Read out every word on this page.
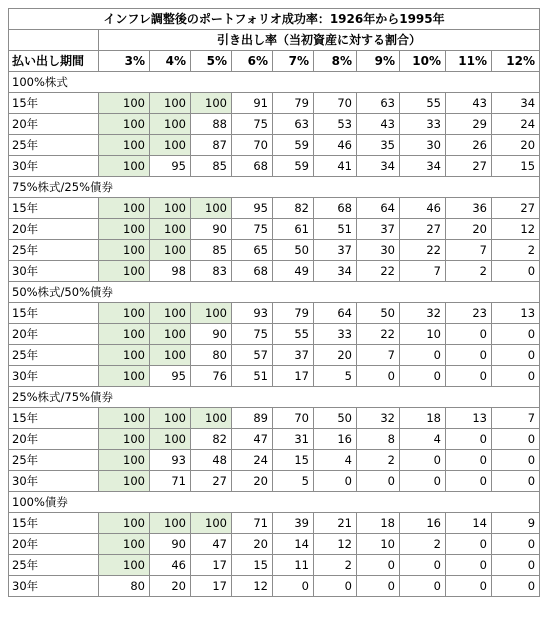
インフレ調整後のポートフォリオ成功率：1926年から1995年										
	引き出し率（当初資産に対する割合）									
払い出し期間	3%	4%	5%	6%	7%	8%	9%	10%	11%	12%
100%株式										
15年	100	100	100	91	79	70	63	55	43	34
20年	100	100	88	75	63	53	43	33	29	24
25年	100	100	87	70	59	46	35	30	26	20
30年	100	95	85	68	59	41	34	34	27	15
75%株式/25%債券										
15年	100	100	100	95	82	68	64	46	36	27
20年	100	100	90	75	61	51	37	27	20	12
25年	100	100	85	65	50	37	30	22	7	2
30年	100	98	83	68	49	34	22	7	2	0
50%株式/50%債券										
15年	100	100	100	93	79	64	50	32	23	13
20年	100	100	90	75	55	33	22	10	0	0
25年	100	100	80	57	37	20	7	0	0	0
30年	100	95	76	51	17	5	0	0	0	0
25%株式/75%債券										
15年	100	100	100	89	70	50	32	18	13	7
20年	100	100	82	47	31	16	8	4	0	0
25年	100	93	48	24	15	4	2	0	0	0
30年	100	71	27	20	5	0	0	0	0	0
100%債券										
15年	100	100	100	71	39	21	18	16	14	9
20年	100	90	47	20	14	12	10	2	0	0
25年	100	46	17	15	11	2	0	0	0	0
30年	80	20	17	12	0	0	0	0	0	0
